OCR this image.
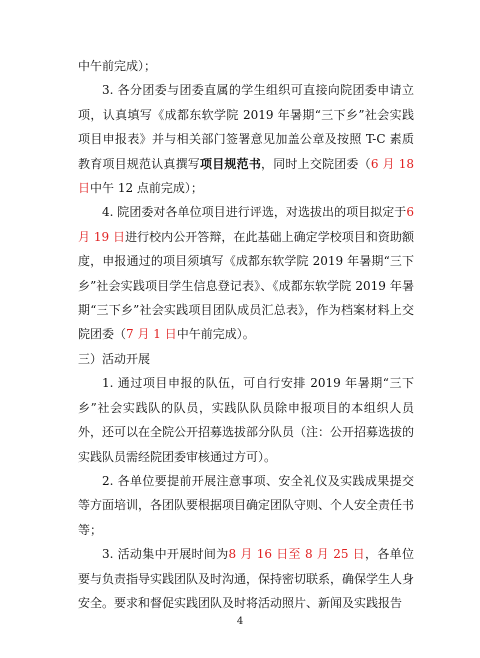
中午前完成）；

3. 各分团委与团委直属的学生组织可直接向院团委申请立项，认真填写《成都东软学院 2019 年暑期“三下乡”社会实践项目申报表》并与相关部门签署意见加盖公章及按照 T-C 素质教育项目规范认真撰写项目规范书，同时上交院团委（6 月 18 日中午 12 点前完成）；

4. 院团委对各单位项目进行评选，对选拔出的项目拟定于6 月 19 日进行校内公开答辩，在此基础上确定学校项目和资助额度，申报通过的项目须填写《成都东软学院 2019 年暑期“三下乡”社会实践项目学生信息登记表》、《成都东软学院 2019 年暑期“三下乡”社会实践项目团队成员汇总表》，作为档案材料上交院团委（7 月 1 日中午前完成）。

三）活动开展

1. 通过项目申报的队伍，可自行安排 2019 年暑期“三下乡”社会实践队的队员，实践队队员除申报项目的本组织人员外，还可以在全院公开招募选拔部分队员（注：公开招募选拔的实践队员需经院团委审核通过方可）。

2. 各单位要提前开展注意事项、安全礼仪及实践成果提交等方面培训，各团队要根据项目确定团队守则、个人安全责任书等；

3. 活动集中开展时间为8 月 16 日至 8 月 25 日，各单位要与负责指导实践团队及时沟通，保持密切联系，确保学生人身安全。要求和督促实践团队及时将活动照片、新闻及实践报告

4
